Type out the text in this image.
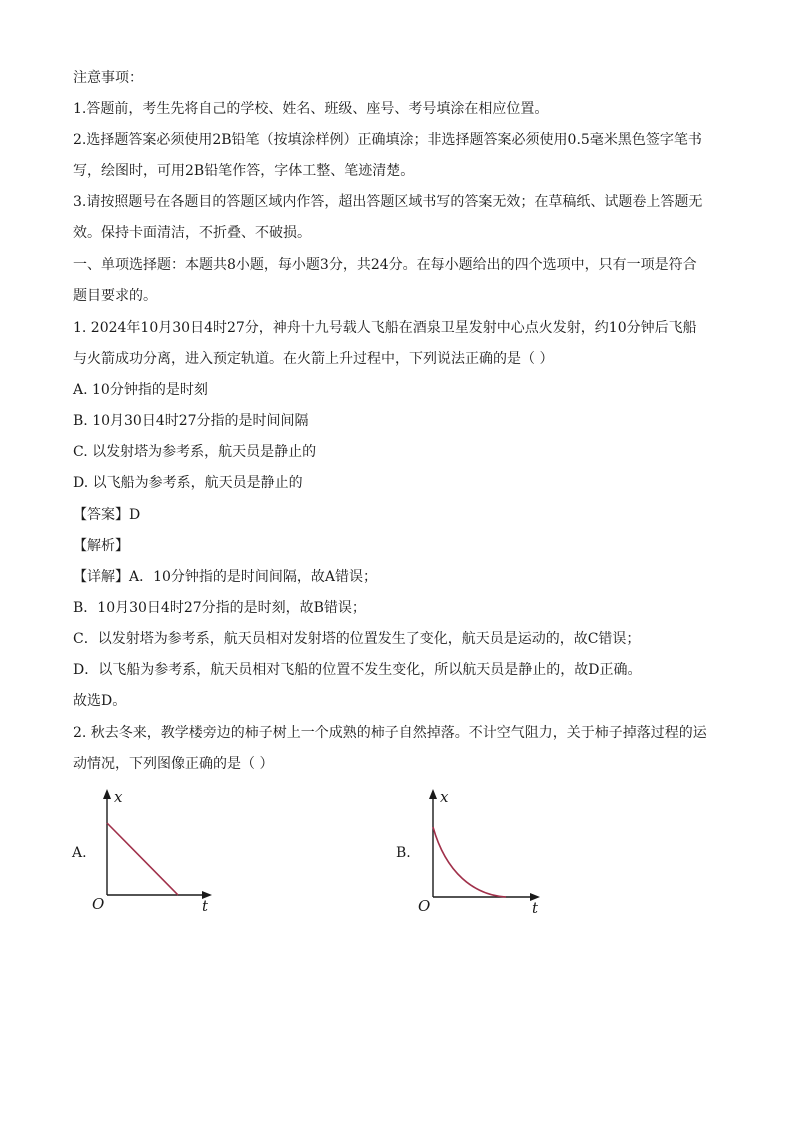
注意事项：
1.答题前，考生先将自己的学校、姓名、班级、座号、考号填涂在相应位置。
2.选择题答案必须使用2B铅笔（按填涂样例）正确填涂；非选择题答案必须使用0.5毫米黑色签字笔书
写，绘图时，可用2B铅笔作答，字体工整、笔迹清楚。
3.请按照题号在各题目的答题区域内作答，超出答题区域书写的答案无效；在草稿纸、试题卷上答题无
效。保持卡面清洁，不折叠、不破损。
一、单项选择题：本题共8小题，每小题3分，共24分。在每小题给出的四个选项中，只有一项是符合
题目要求的。
1. 2024年10月30日4时27分，神舟十九号载人飞船在酒泉卫星发射中心点火发射，约10分钟后飞船
与火箭成功分离，进入预定轨道。在火箭上升过程中，下列说法正确的是（ ）
A. 10分钟指的是时刻
B. 10月30日4时27分指的是时间间隔
C. 以发射塔为参考系，航天员是静止的
D. 以飞船为参考系，航天员是静止的
【答案】D
【解析】
【详解】A．10分钟指的是时间间隔，故A错误；
B．10月30日4时27分指的是时刻，故B错误；
C．以发射塔为参考系，航天员相对发射塔的位置发生了变化，航天员是运动的，故C错误；
D．以飞船为参考系，航天员相对飞船的位置不发生变化，所以航天员是静止的，故D正确。
故选D。
2. 秋去冬来，教学楼旁边的柿子树上一个成熟的柿子自然掉落。不计空气阻力，关于柿子掉落过程的运
动情况，下列图像正确的是（ ）
A.
x
t
O
B.
x
t
O
